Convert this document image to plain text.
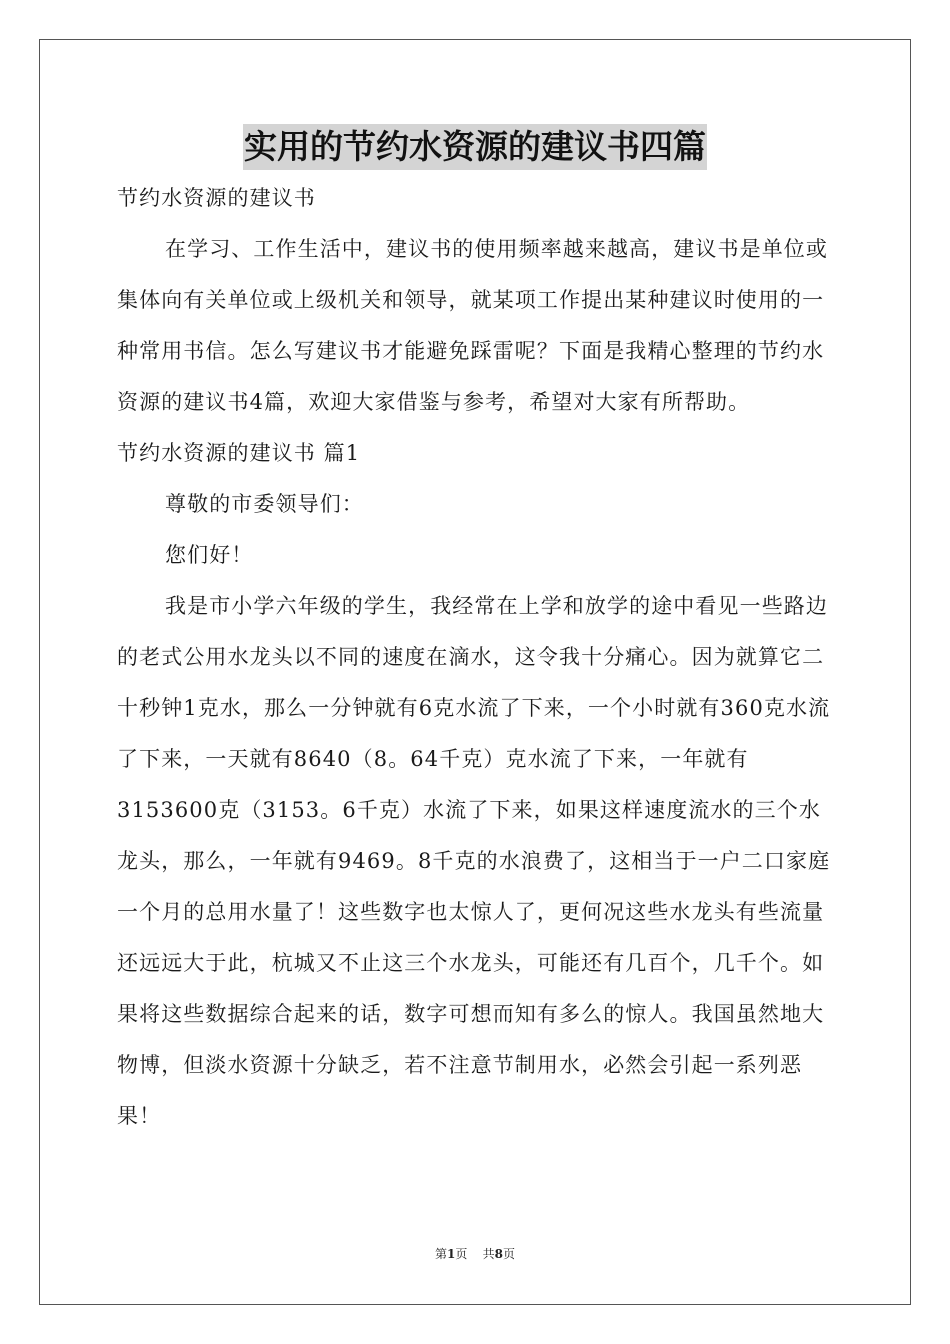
实用的节约水资源的建议书四篇

节约水资源的建议书

在学习、工作生活中，建议书的使用频率越来越高，建议书是单位或集体向有关单位或上级机关和领导，就某项工作提出某种建议时使用的一种常用书信。怎么写建议书才能避免踩雷呢？下面是我精心整理的节约水资源的建议书4篇，欢迎大家借鉴与参考，希望对大家有所帮助。

节约水资源的建议书 篇1

尊敬的市委领导们：

您们好！

我是市小学六年级的学生，我经常在上学和放学的途中看见一些路边的老式公用水龙头以不同的速度在滴水，这令我十分痛心。因为就算它二十秒钟1克水，那么一分钟就有6克水流了下来，一个小时就有360克水流了下来，一天就有8640（8。64千克）克水流了下来，一年就有3153600克（3153。6千克）水流了下来，如果这样速度流水的三个水龙头，那么，一年就有9469。8千克的水浪费了，这相当于一户二口家庭一个月的总用水量了！这些数字也太惊人了，更何况这些水龙头有些流量还远远大于此，杭城又不止这三个水龙头，可能还有几百个，几千个。如果将这些数据综合起来的话，数字可想而知有多么的惊人。我国虽然地大物博，但淡水资源十分缺乏，若不注意节制用水，必然会引起一系列恶果！

第1页 共8页
